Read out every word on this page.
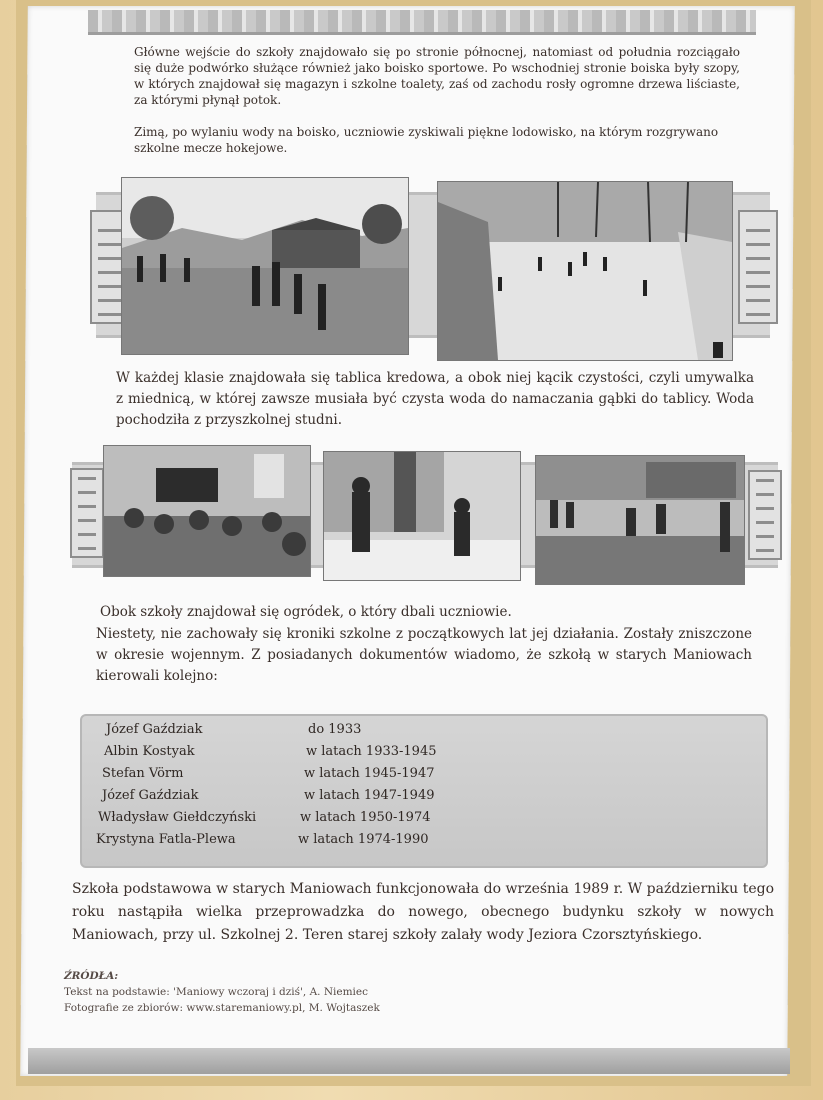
Główne wejście do szkoły znajdowało się po stronie północnej, natomiast od południa rozciągało się duże podwórko służące również jako boisko sportowe. Po wschodniej stronie boiska były szopy, w których znajdował się magazyn i szkolne toalety, zaś od zachodu rosły ogromne drzewa liściaste, za którymi płynął potok.

Zimą, po wylaniu wody na boisko, uczniowie zyskiwali piękne lodowisko, na którym rozgrywano szkolne mecze hokejowe.

W każdej klasie znajdowała się tablica kredowa, a obok niej kącik czystości, czyli umywalka z miednicą, w której zawsze musiała być czysta woda do namaczania gąbki do tablicy. Woda pochodziła z przyszkolnej studni.

Obok szkoły znajdował się ogródek, o który dbali uczniowie.

Niestety, nie zachowały się kroniki szkolne z początkowych lat jej działania. Zostały zniszczone w okresie wojennym. Z posiadanych dokumentów wiadomo, że szkołą w starych Maniowach kierowali kolejno:

Józef Gaździak	do 1933
Albin Kostyak	w latach 1933-1945
Stefan Vörm	w latach 1945-1947
Józef Gaździak	w latach 1947-1949
Władysław Giełdczyński	w latach 1950-1974
Krystyna Fatla-Plewa	w latach 1974-1990

Szkoła podstawowa w starych Maniowach funkcjonowała do września 1989 r. W październiku tego roku nastąpiła wielka przeprowadzka do nowego, obecnego budynku szkoły w nowych Maniowach, przy ul. Szkolnej 2. Teren starej szkoły zalały wody Jeziora Czorsztyńskiego.

ŹRÓDŁA:
Tekst na podstawie: 'Maniowy wczoraj i dziś', A. Niemiec
Fotografie ze zbiorów: www.staremaniowy.pl, M. Wojtaszek
